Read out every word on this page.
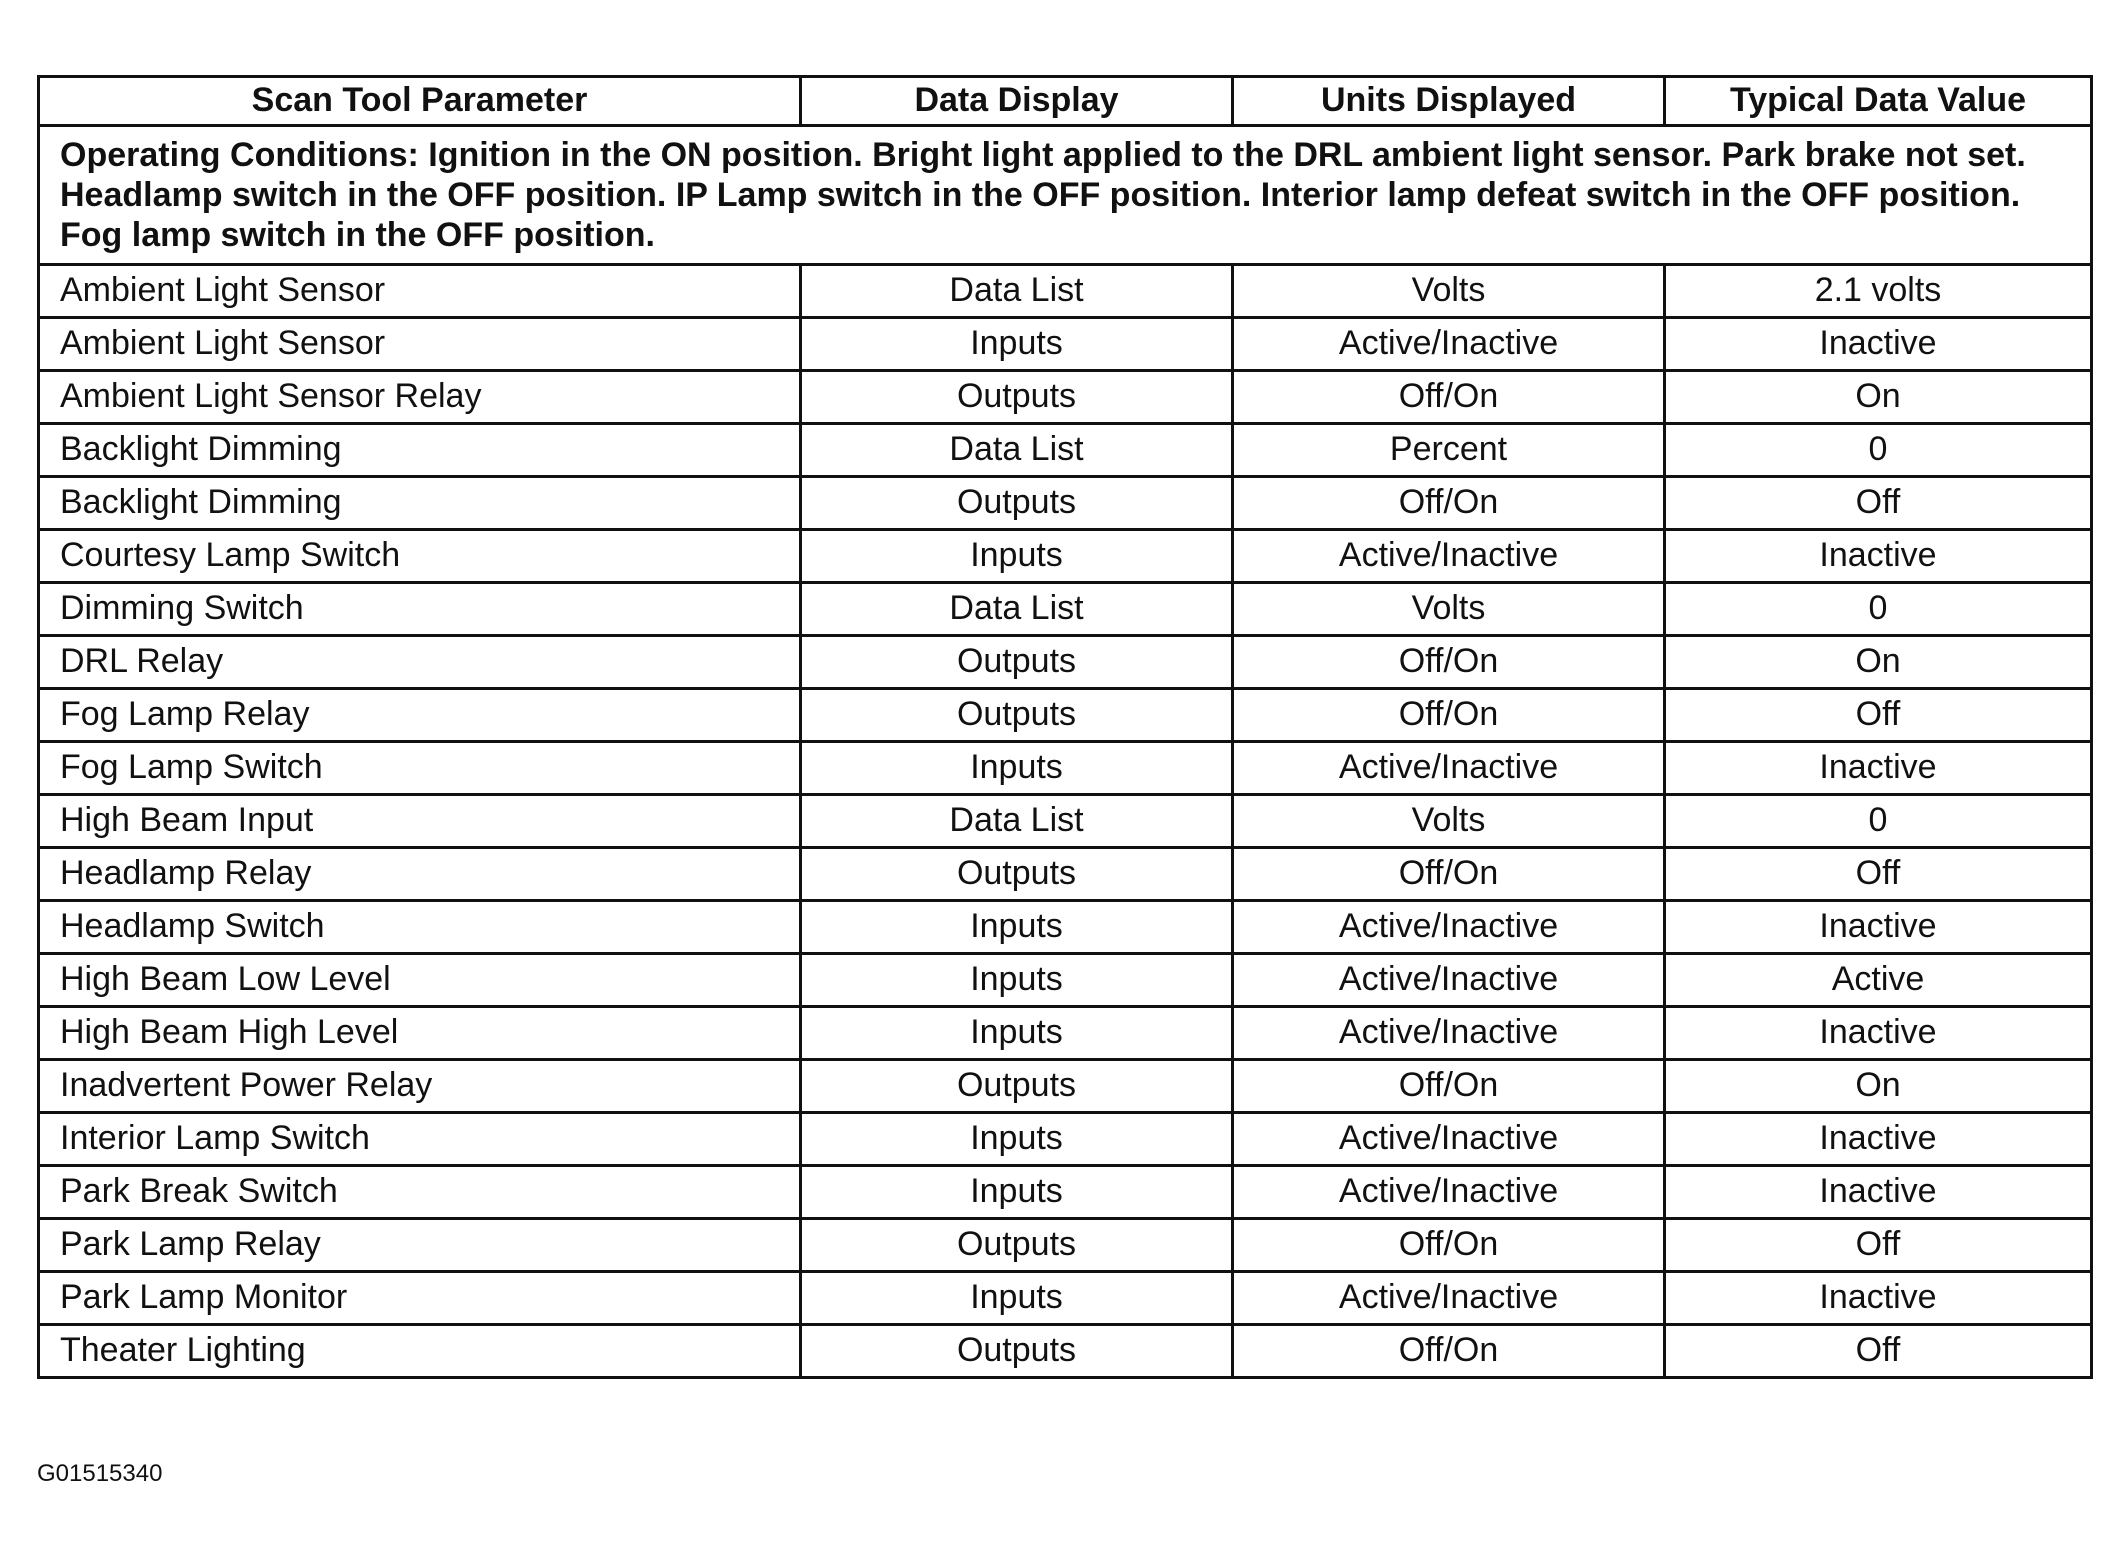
Scan Tool Parameter	Data Display	Units Displayed	Typical Data Value
Operating Conditions: Ignition in the ON position. Bright light applied to the DRL ambient light sensor. Park brake not set. Headlamp switch in the OFF position. IP Lamp switch in the OFF position. Interior lamp defeat switch in the OFF position. Fog lamp switch in the OFF position.			
Ambient Light Sensor	Data List	Volts	2.1 volts
Ambient Light Sensor	Inputs	Active/Inactive	Inactive
Ambient Light Sensor Relay	Outputs	Off/On	On
Backlight Dimming	Data List	Percent	0
Backlight Dimming	Outputs	Off/On	Off
Courtesy Lamp Switch	Inputs	Active/Inactive	Inactive
Dimming Switch	Data List	Volts	0
DRL Relay	Outputs	Off/On	On
Fog Lamp Relay	Outputs	Off/On	Off
Fog Lamp Switch	Inputs	Active/Inactive	Inactive
High Beam Input	Data List	Volts	0
Headlamp Relay	Outputs	Off/On	Off
Headlamp Switch	Inputs	Active/Inactive	Inactive
High Beam Low Level	Inputs	Active/Inactive	Active
High Beam High Level	Inputs	Active/Inactive	Inactive
Inadvertent Power Relay	Outputs	Off/On	On
Interior Lamp Switch	Inputs	Active/Inactive	Inactive
Park Break Switch	Inputs	Active/Inactive	Inactive
Park Lamp Relay	Outputs	Off/On	Off
Park Lamp Monitor	Inputs	Active/Inactive	Inactive
Theater Lighting	Outputs	Off/On	Off
G01515340
